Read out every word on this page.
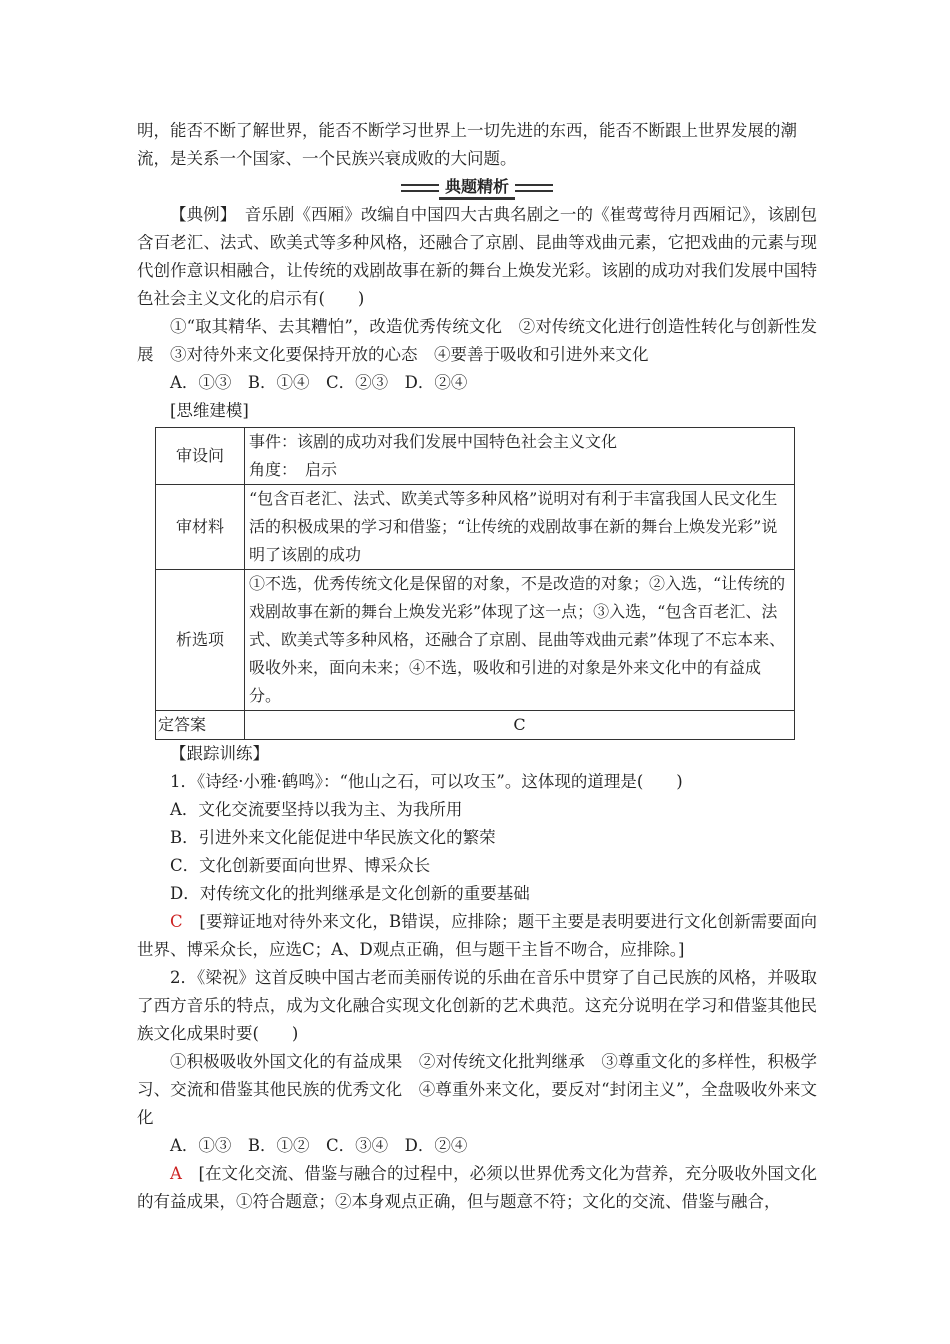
明，能否不断了解世界，能否不断学习世界上一切先进的东西，能否不断跟上世界发展的潮

流，是关系一个国家、一个民族兴衰成败的大问题。

典题精析

【典例】　 音乐剧《西厢》改编自中国四大古典名剧之一的《崔莺莺待月西厢记》，该剧包含百老汇、法式、欧美式等多种风格，还融合了京剧、昆曲等戏曲元素，它把戏曲的元素与现代创作意识相融合，让传统的戏剧故事在新的舞台上焕发光彩。该剧的成功对我们发展中国特色社会主义文化的启示有(　　)

①“取其精华、去其糟怕”，改造优秀传统文化　②对传统文化进行创造性转化与创新性发展　③对待外来文化要保持开放的心态　④要善于吸收和引进外来文化

A．①③　B．①④　C．②③　D．②④

[思维建模]

审设问	事件：该剧的成功对我们发展中国特色社会主义文化
角度：　启示

审材料	“包含百老汇、法式、欧美式等多种风格”说明对有利于丰富我国人民文化生活的积极成果的学习和借鉴；“让传统的戏剧故事在新的舞台上焕发光彩”说明了该剧的成功
析选项	①不选，优秀传统文化是保留的对象，不是改造的对象；②入选，“让传统的戏剧故事在新的舞台上焕发光彩”体现了这一点；③入选，“包含百老汇、法式、欧美式等多种风格，还融合了京剧、昆曲等戏曲元素”体现了不忘本来、吸收外来，面向未来；④不选，吸收和引进的对象是外来文化中的有益成分。
定答案	C

【跟踪训练】

1．《诗经·小雅·鹤鸣》：“他山之石，可以攻玉”。这体现的道理是(　　)

A．文化交流要坚持以我为主、为我所用

B．引进外来文化能促进中华民族文化的繁荣

C．文化创新要面向世界、博采众长

D．对传统文化的批判继承是文化创新的重要基础

C　 [要辩证地对待外来文化，B错误，应排除；题干主要是表明要进行文化创新需要面向世界、博采众长，应选C；A、D观点正确，但与题干主旨不吻合，应排除。]

2．《梁祝》这首反映中国古老而美丽传说的乐曲在音乐中贯穿了自己民族的风格，并吸取了西方音乐的特点，成为文化融合实现文化创新的艺术典范。这充分说明在学习和借鉴其他民族文化成果时要(　　)

①积极吸收外国文化的有益成果　②对传统文化批判继承　③尊重文化的多样性，积极学习、交流和借鉴其他民族的优秀文化　④尊重外来文化，要反对“封闭主义”，全盘吸收外来文化

A．①③　B．①②　C．③④　D．②④

A　 [在文化交流、借鉴与融合的过程中，必须以世界优秀文化为营养，充分吸收外国文化的有益成果，①符合题意；②本身观点正确，但与题意不符；文化的交流、借鉴与融合，
